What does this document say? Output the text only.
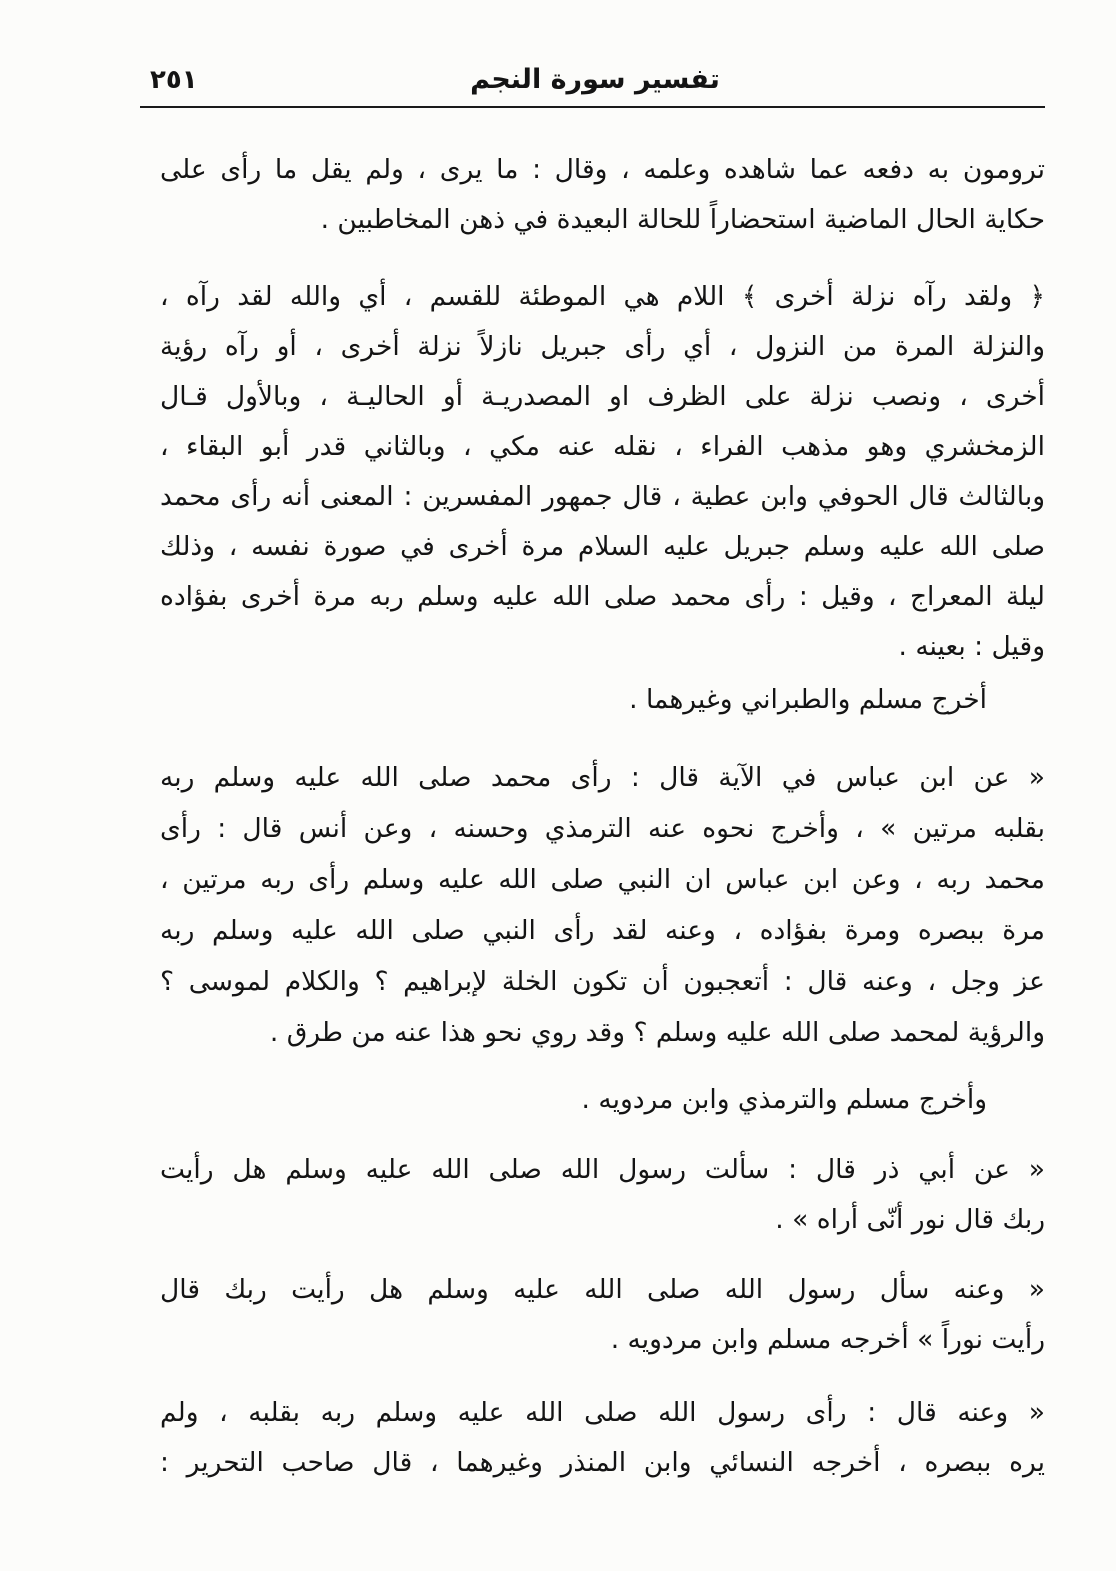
٢٥١	تفسير سورة النجم
ترومون به دفعه عما شاهده وعلمه ، وقال : ما يرى ، ولم يقل ما رأى على
حكاية الحال الماضية استحضاراً للحالة البعيدة في ذهن المخاطبين .
﴿ ولقد رآه نزلة أخرى ﴾ اللام هي الموطئة للقسم ، أي والله لقد رآه ،
والنزلة المرة من النزول ، أي رأى جبريل نازلاً نزلة أخرى ، أو رآه رؤية
أخرى ، ونصب نزلة على الظرف او المصدريـة أو الحاليـة ، وبالأول قـال
الزمخشري وهو مذهب الفراء ، نقله عنه مكي ، وبالثاني قدر أبو البقاء ،
وبالثالث قال الحوفي وابن عطية ، قال جمهور المفسرين : المعنى أنه رأى محمد
صلى الله عليه وسلم جبريل عليه السلام مرة أخرى في صورة نفسه ، وذلك
ليلة المعراج ، وقيل : رأى محمد صلى الله عليه وسلم ربه مرة أخرى بفؤاده
وقيل : بعينه .
أخرج مسلم والطبراني وغيرهما .
« عن ابن عباس في الآية قال : رأى محمد صلى الله عليه وسلم ربه
بقلبه مرتين » ، وأخرج نحوه عنه الترمذي وحسنه ، وعن أنس قال : رأى
محمد ربه ، وعن ابن عباس ان النبي صلى الله عليه وسلم رأى ربه مرتين ،
مرة ببصره ومرة بفؤاده ، وعنه لقد رأى النبي صلى الله عليه وسلم ربه
عز وجل ، وعنه قال : أتعجبون أن تكون الخلة لإبراهيم ؟ والكلام لموسى ؟
والرؤية لمحمد صلى الله عليه وسلم ؟ وقد روي نحو هذا عنه من طرق .
وأخرج مسلم والترمذي وابن مردويه .
« عن أبي ذر قال : سألت رسول الله صلى الله عليه وسلم هل رأيت
ربك قال نور أنّى أراه » .
« وعنه سأل رسول الله صلى الله عليه وسلم هل رأيت ربك قال
رأيت نوراً » أخرجه مسلم وابن مردويه .
« وعنه قال : رأى رسول الله صلى الله عليه وسلم ربه بقلبه ، ولم
يره ببصره ، أخرجه النسائي وابن المنذر وغيرهما ، قال صاحب التحرير :
